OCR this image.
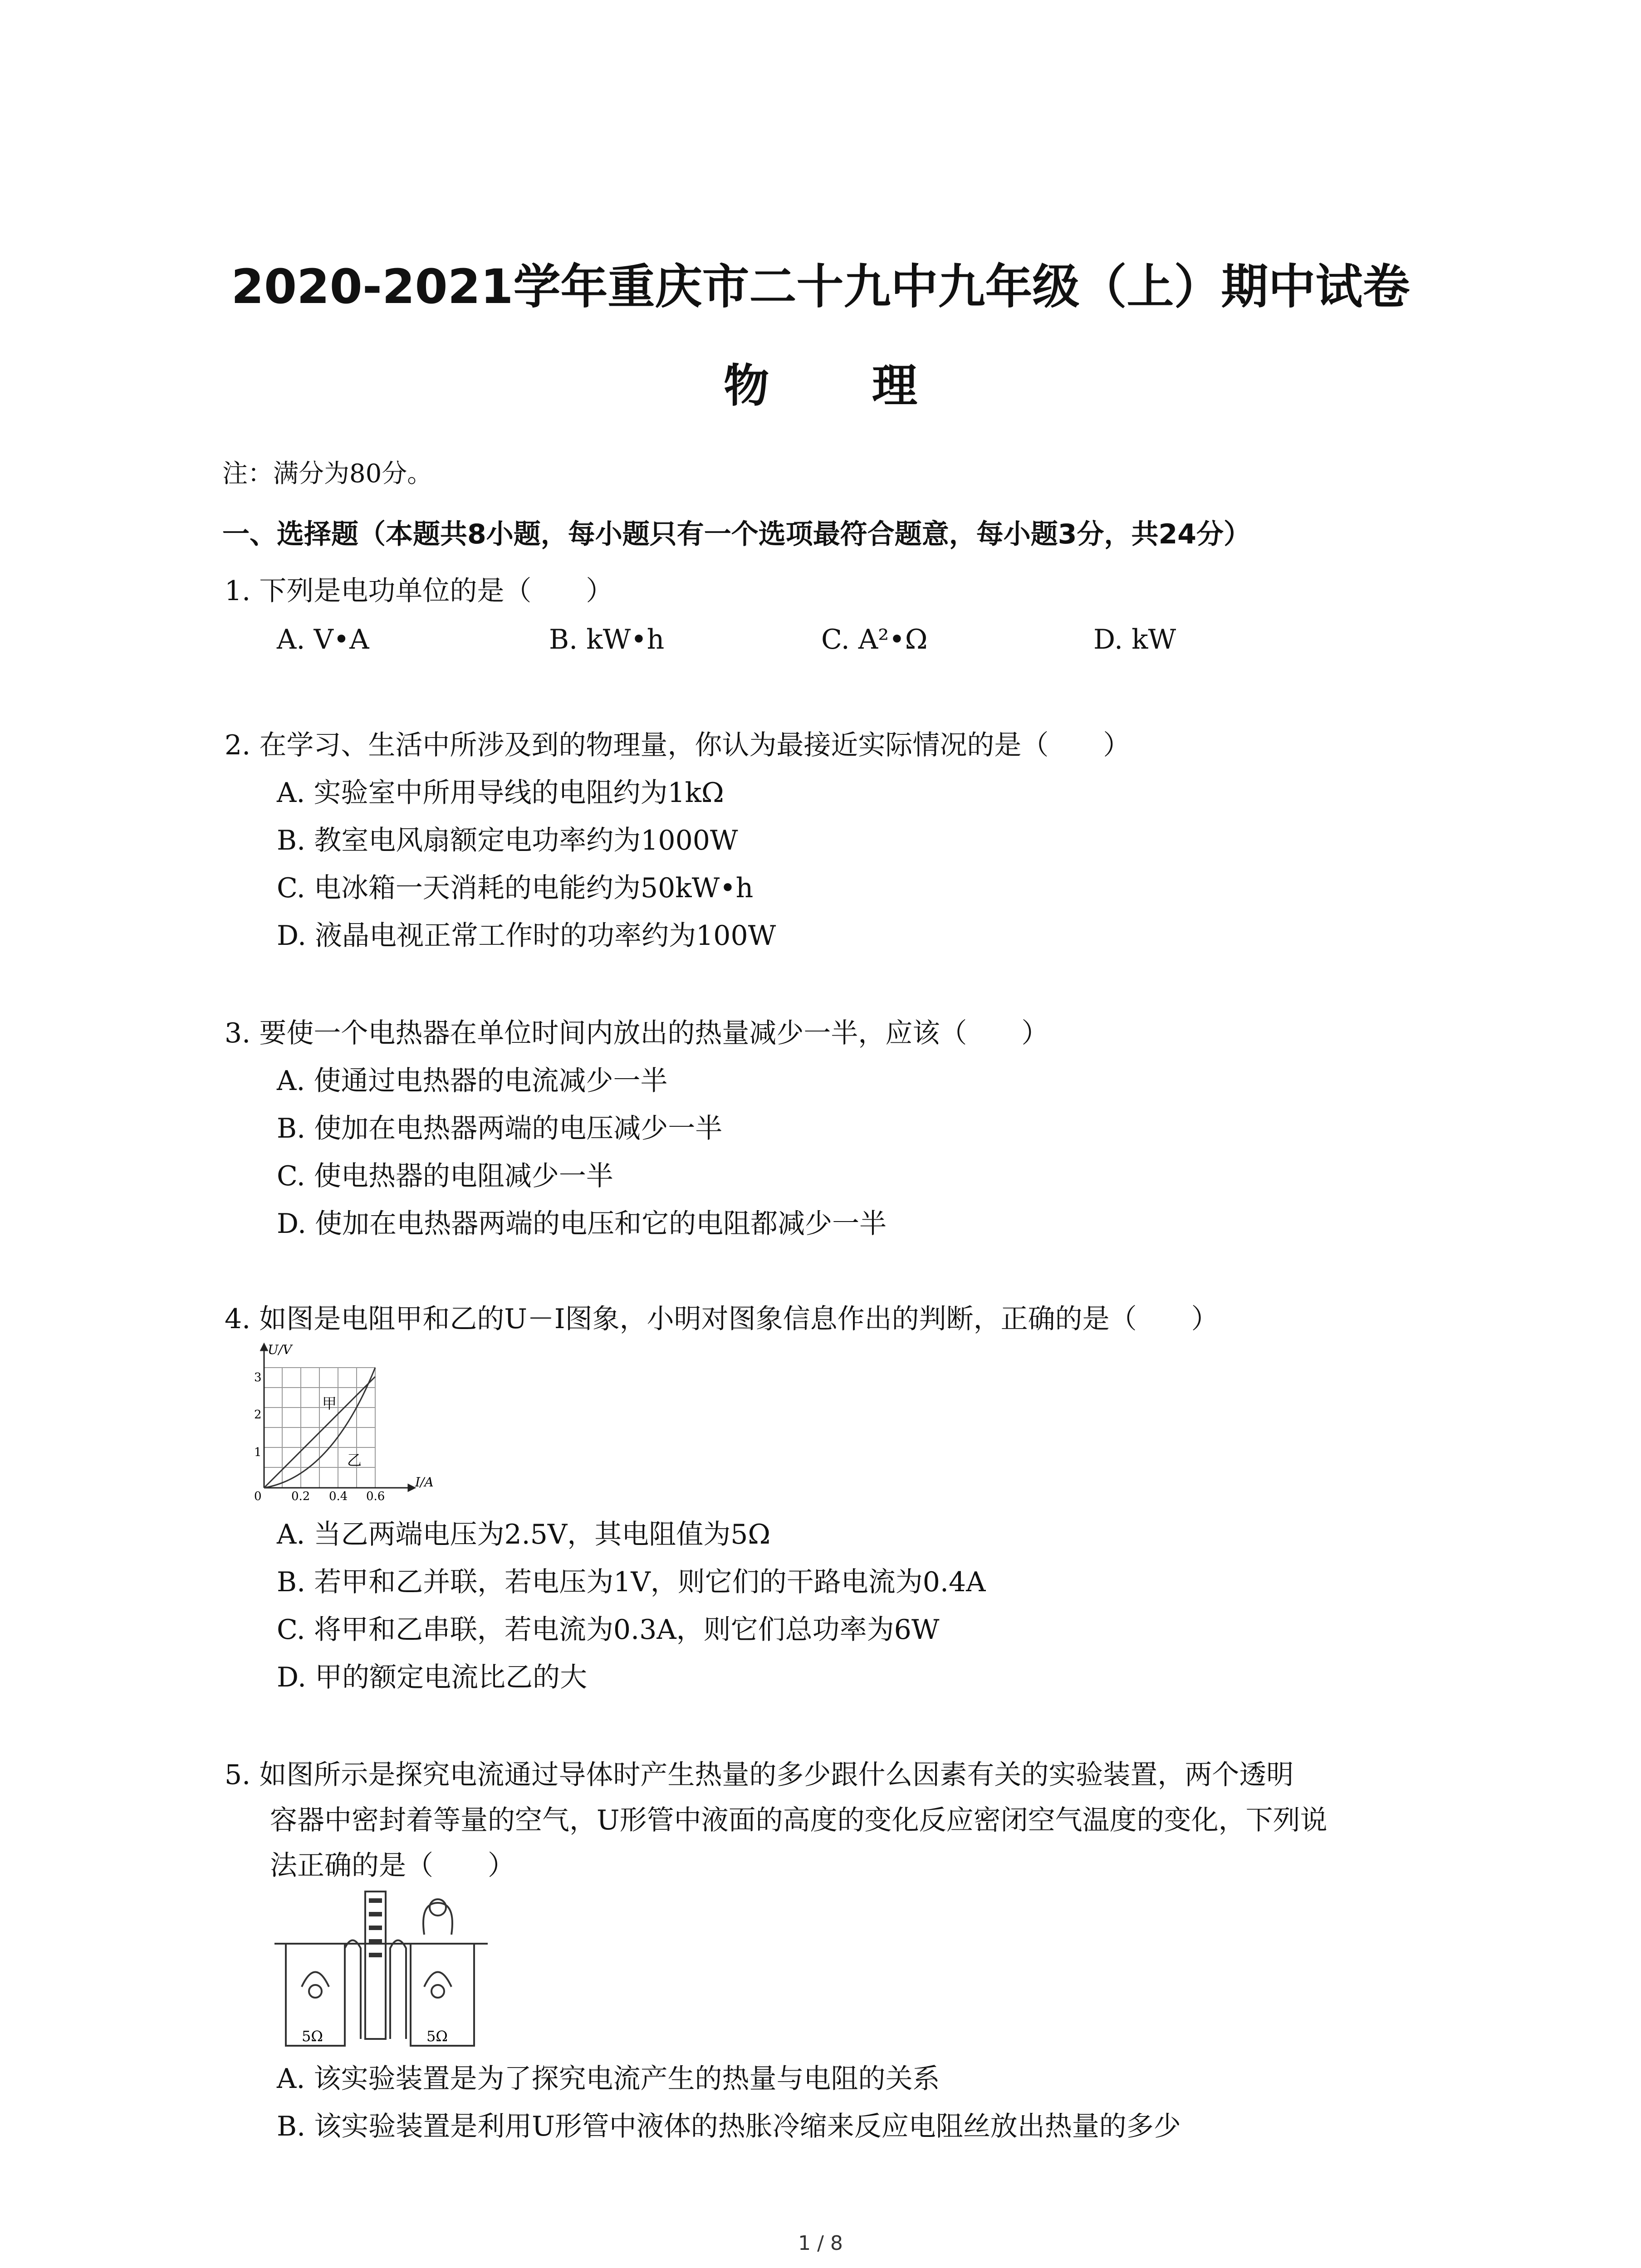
2020-2021学年重庆市二十九中九年级（上）期中试卷
物 理
注：满分为80分。
一、选择题（本题共8小题，每小题只有一个选项最符合题意，每小题3分，共24分）
1. 下列是电功单位的是（　　）
A. V•A	B. kW•h	C. A²•Ω	D. kW
2. 在学习、生活中所涉及到的物理量，你认为最接近实际情况的是（　　）
A. 实验室中所用导线的电阻约为1kΩ
B. 教室电风扇额定电功率约为1000W
C. 电冰箱一天消耗的电能约为50kW•h
D. 液晶电视正常工作时的功率约为100W
3. 要使一个电热器在单位时间内放出的热量减少一半，应该（　　）
A. 使通过电热器的电流减少一半
B. 使加在电热器两端的电压减少一半
C. 使电热器的电阻减少一半
D. 使加在电热器两端的电压和它的电阻都减少一半
4. 如图是电阻甲和乙的U－I图象，小明对图象信息作出的判断，正确的是（　　）
U/V
I/A
1
2
3
0	0.2 0.4 0.6
甲
乙
A. 当乙两端电压为2.5V，其电阻值为5Ω
B. 若甲和乙并联，若电压为1V，则它们的干路电流为0.4A
C. 将甲和乙串联，若电流为0.3A，则它们总功率为6W
D. 甲的额定电流比乙的大
5. 如图所示是探究电流通过导体时产生热量的多少跟什么因素有关的实验装置，两个透明
容器中密封着等量的空气，U形管中液面的高度的变化反应密闭空气温度的变化，下列说
法正确的是（　　）
5Ω	5Ω
A. 该实验装置是为了探究电流产生的热量与电阻的关系
B. 该实验装置是利用U形管中液体的热胀冷缩来反应电阻丝放出热量的多少
1 / 8
